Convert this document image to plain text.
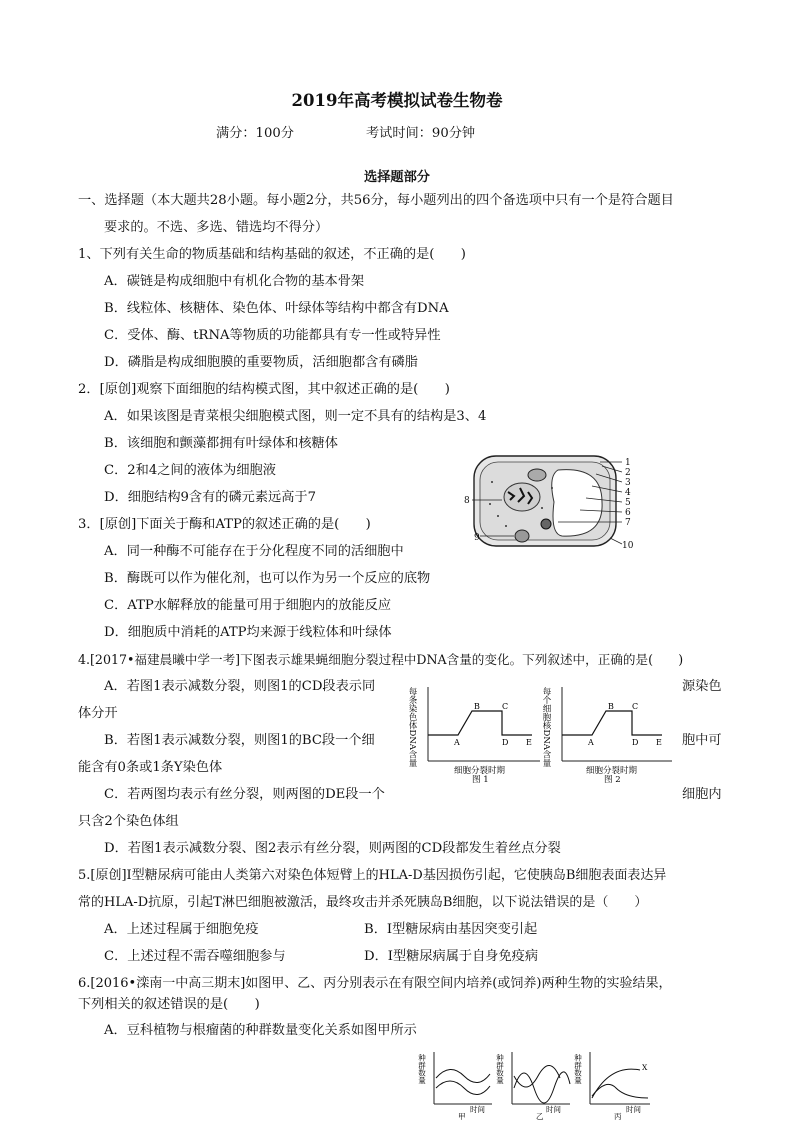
2019年高考模拟试卷生物卷
满分：100分	考试时间：90分钟
选择题部分
一、选择题（本大题共28小题。每小题2分，共56分，每小题列出的四个备选项中只有一个是符合题目
要求的。不选、多选、错选均不得分）
1、下列有关生命的物质基础和结构基础的叙述，不正确的是(　　)
A．碳链是构成细胞中有机化合物的基本骨架
B．线粒体、核糖体、染色体、叶绿体等结构中都含有DNA
C．受体、酶、tRNA等物质的功能都具有专一性或特异性
D．磷脂是构成细胞膜的重要物质，活细胞都含有磷脂
2．[原创]观察下面细胞的结构模式图，其中叙述正确的是(　　)
A．如果该图是青菜根尖细胞模式图，则一定不具有的结构是3、4
B．该细胞和颤藻都拥有叶绿体和核糖体
C．2和4之间的液体为细胞液
D．细胞结构9含有的磷元素远高于7
3．[原创]下面关于酶和ATP的叙述正确的是(　　)
A．同一种酶不可能存在于分化程度不同的活细胞中
B．酶既可以作为催化剂，也可以作为另一个反应的底物
C．ATP水解释放的能量可用于细胞内的放能反应
D．细胞质中消耗的ATP均来源于线粒体和叶绿体
4.[2017•福建晨曦中学一考]下图表示雄果蝇细胞分裂过程中DNA含量的变化。下列叙述中，正确的是(　　)
A．若图1表示减数分裂，则图1的CD段表示同	源染色
体分开
B．若图1表示减数分裂，则图1的BC段一个细	胞中可
能含有0条或1条Y染色体
C．若两图均表示有丝分裂，则两图的DE段一个	细胞内
只含2个染色体组
D．若图1表示减数分裂、图2表示有丝分裂，则两图的CD段都发生着丝点分裂
5.[原创]Ⅰ型糖尿病可能由人类第六对染色体短臂上的HLA-D基因损伤引起，它使胰岛B细胞表面表达异
常的HLA-D抗原，引起T淋巴细胞被激活，最终攻击并杀死胰岛B细胞，以下说法错误的是（　　）
A．上述过程属于细胞免疫	B．Ⅰ型糖尿病由基因突变引起
C．上述过程不需吞噬细胞参与	D．Ⅰ型糖尿病属于自身免疫病
6.[2016•滦南一中高三期末]如图甲、乙、丙分别表示在有限空间内培养(或饲养)两种生物的实验结果，
下列相关的叙述错误的是(　　)
A．豆科植物与根瘤菌的种群数量变化关系如图甲所示
1
2
3
4
5
6
7
8
9
10
每条染色体DNA含量	A
B	C
D E
细胞分裂时期
图 1
每个细胞核DNA含量	A
B C
D E
细胞分裂时期
图 2
种群数量
时间
甲
种群数量
时间
乙
种群数量	X
时间
丙
